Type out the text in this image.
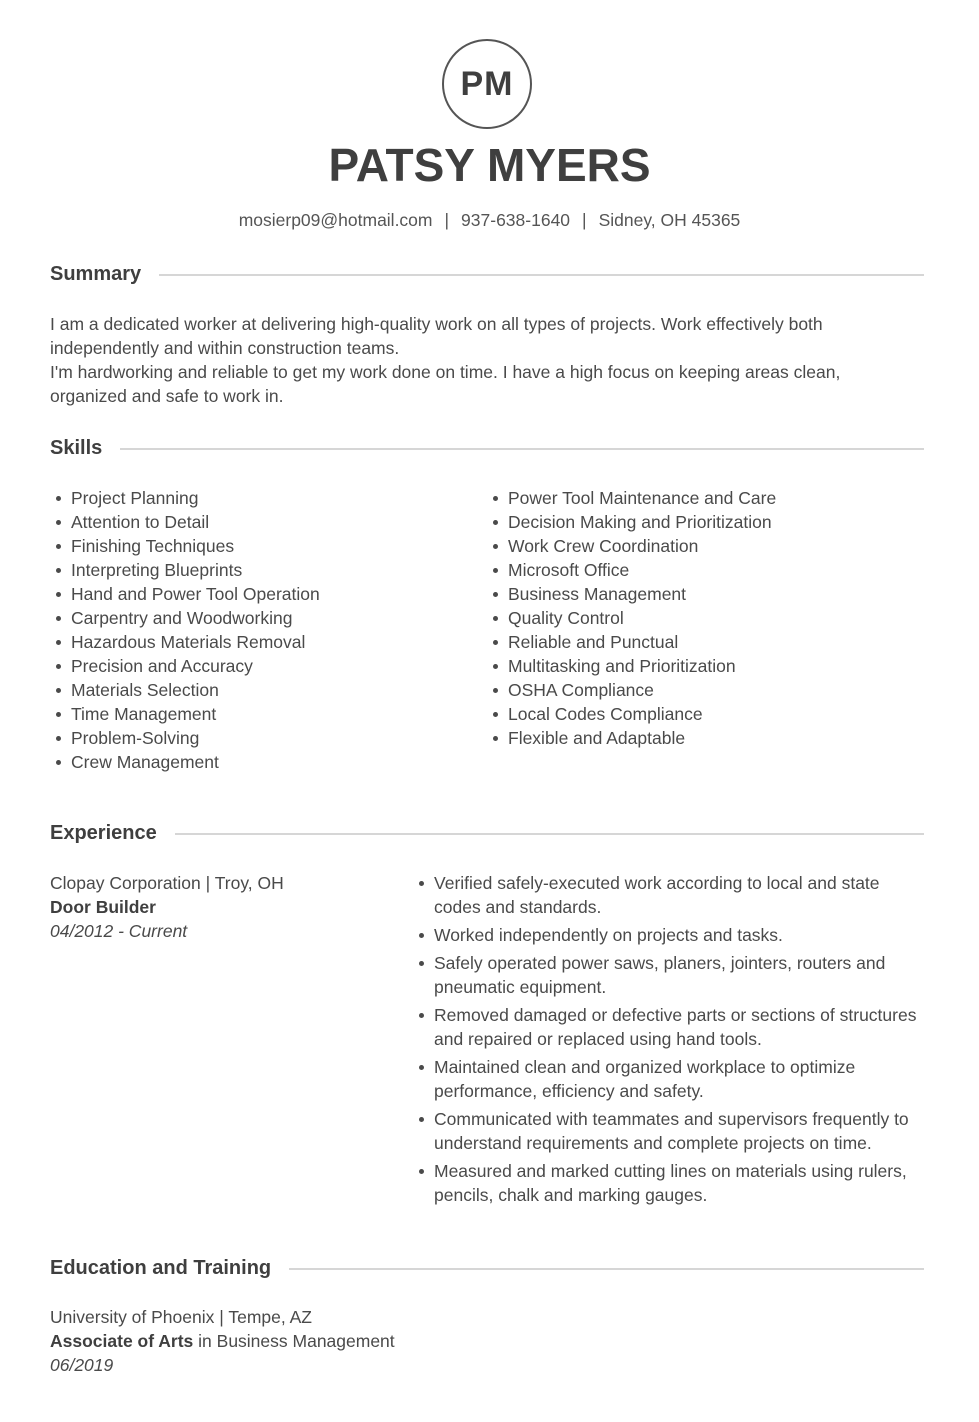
PM
PATSY MYERS
mosierp09@hotmail.com | 937-638-1640 | Sidney, OH 45365
Summary

I am a dedicated worker at delivering high-quality work on all types of projects. Work effectively both independently and within construction teams.

I'm hardworking and reliable to get my work done on time. I have a high focus on keeping areas clean, organized and safe to work in.

Skills
Project Planning
Attention to Detail
Finishing Techniques
Interpreting Blueprints
Hand and Power Tool Operation
Carpentry and Woodworking
Hazardous Materials Removal
Precision and Accuracy
Materials Selection
Time Management
Problem-Solving
Crew Management
Power Tool Maintenance and Care
Decision Making and Prioritization
Work Crew Coordination
Microsoft Office
Business Management
Quality Control
Reliable and Punctual
Multitasking and Prioritization
OSHA Compliance
Local Codes Compliance
Flexible and Adaptable
Experience
Clopay Corporation | Troy, OH
Door Builder
04/2012 - Current
Verified safely-executed work according to local and state codes and standards.
Worked independently on projects and tasks.
Safely operated power saws, planers, jointers, routers and pneumatic equipment.
Removed damaged or defective parts or sections of structures and repaired or replaced using hand tools.
Maintained clean and organized workplace to optimize performance, efficiency and safety.
Communicated with teammates and supervisors frequently to understand requirements and complete projects on time.
Measured and marked cutting lines on materials using rulers, pencils, chalk and marking gauges.
Education and Training
University of Phoenix | Tempe, AZ
Associate of Arts in Business Management
06/2019
